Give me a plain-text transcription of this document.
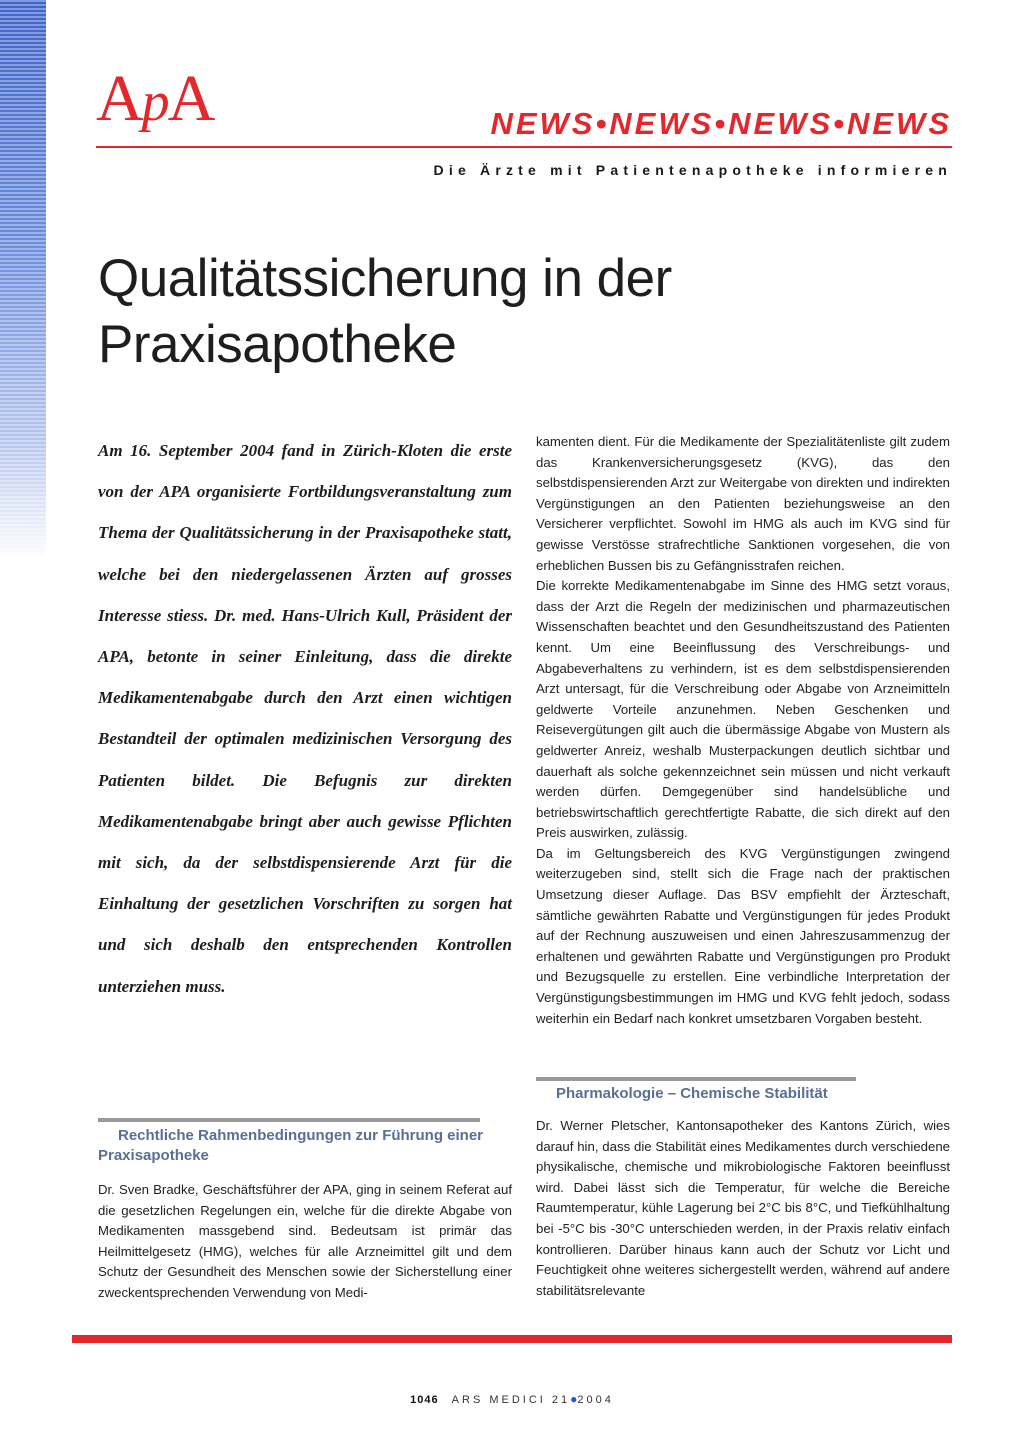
ApA	NEWS•NEWS•NEWS•NEWS
Die Ärzte mit Patientenapotheke informieren
Qualitätssicherung in der
Praxisapotheke

Am 16. September 2004 fand in Zürich-Kloten die erste von der APA organisierte Fortbildungsveranstaltung zum Thema der Qualitätssicherung in der Praxisapotheke statt, welche bei den niedergelassenen Ärzten auf grosses Interesse stiess. Dr. med. Hans-Ulrich Kull, Präsident der APA, betonte in seiner Einleitung, dass die direkte Medikamentenabgabe durch den Arzt einen wichtigen Bestandteil der optimalen medizinischen Versorgung des Patienten bildet. Die Befugnis zur direkten Medikamentenabgabe bringt aber auch gewisse Pflichten mit sich, da der selbstdispensierende Arzt für die Einhaltung der gesetzlichen Vorschriften zu sorgen hat und sich deshalb den entsprechenden Kontrollen unterziehen muss.

Rechtliche Rahmenbedingungen zur Führung einer Praxisapotheke

Dr. Sven Bradke, Geschäftsführer der APA, ging in seinem Referat auf die gesetzlichen Regelungen ein, welche für die direkte Abgabe von Medikamenten massgebend sind. Bedeutsam ist primär das Heilmittelgesetz (HMG), welches für alle Arzneimittel gilt und dem Schutz der Gesundheit des Menschen sowie der Sicherstellung einer zweckentsprechenden Verwendung von Medi-

kamenten dient. Für die Medikamente der Spezialitätenliste gilt zudem das Krankenversicherungsgesetz (KVG), das den selbstdispensierenden Arzt zur Weitergabe von direkten und indirekten Vergünstigungen an den Patienten beziehungsweise an den Versicherer verpflichtet. Sowohl im HMG als auch im KVG sind für gewisse Verstösse strafrechtliche Sanktionen vorgesehen, die von erheblichen Bussen bis zu Gefängnisstrafen reichen.

Die korrekte Medikamentenabgabe im Sinne des HMG setzt voraus, dass der Arzt die Regeln der medizinischen und pharmazeutischen Wissenschaften beachtet und den Gesundheitszustand des Patienten kennt. Um eine Beeinflussung des Verschreibungs- und Abgabeverhaltens zu verhindern, ist es dem selbstdispensierenden Arzt untersagt, für die Verschreibung oder Abgabe von Arzneimitteln geldwerte Vorteile anzunehmen. Neben Geschenken und Reisevergütungen gilt auch die übermässige Abgabe von Mustern als geldwerter Anreiz, weshalb Musterpackungen deutlich sichtbar und dauerhaft als solche gekennzeichnet sein müssen und nicht verkauft werden dürfen. Demgegenüber sind handelsübliche und betriebswirtschaftlich gerechtfertigte Rabatte, die sich direkt auf den Preis auswirken, zulässig.

Da im Geltungsbereich des KVG Vergünstigungen zwingend weiterzugeben sind, stellt sich die Frage nach der praktischen Umsetzung dieser Auflage. Das BSV empfiehlt der Ärzteschaft, sämtliche gewährten Rabatte und Vergünstigungen für jedes Produkt auf der Rechnung auszuweisen und einen Jahreszusammenzug der erhaltenen und gewährten Rabatte und Vergünstigungen pro Produkt und Bezugsquelle zu erstellen. Eine verbindliche Interpretation der Vergünstigungsbestimmungen im HMG und KVG fehlt jedoch, sodass weiterhin ein Bedarf nach konkret umsetzbaren Vorgaben besteht.

Pharmakologie – Chemische Stabilität

Dr. Werner Pletscher, Kantonsapotheker des Kantons Zürich, wies darauf hin, dass die Stabilität eines Medikamentes durch verschiedene physikalische, chemische und mikrobiologische Faktoren beeinflusst wird. Dabei lässt sich die Temperatur, für welche die Bereiche Raumtemperatur, kühle Lagerung bei 2°C bis 8°C, und Tiefkühlhaltung bei -5°C bis -30°C unterschieden werden, in der Praxis relativ einfach kontrollieren. Darüber hinaus kann auch der Schutz vor Licht und Feuchtigkeit ohne weiteres sichergestellt werden, während auf andere stabilitätsrelevante

1046 ARS MEDICI 21●2004
